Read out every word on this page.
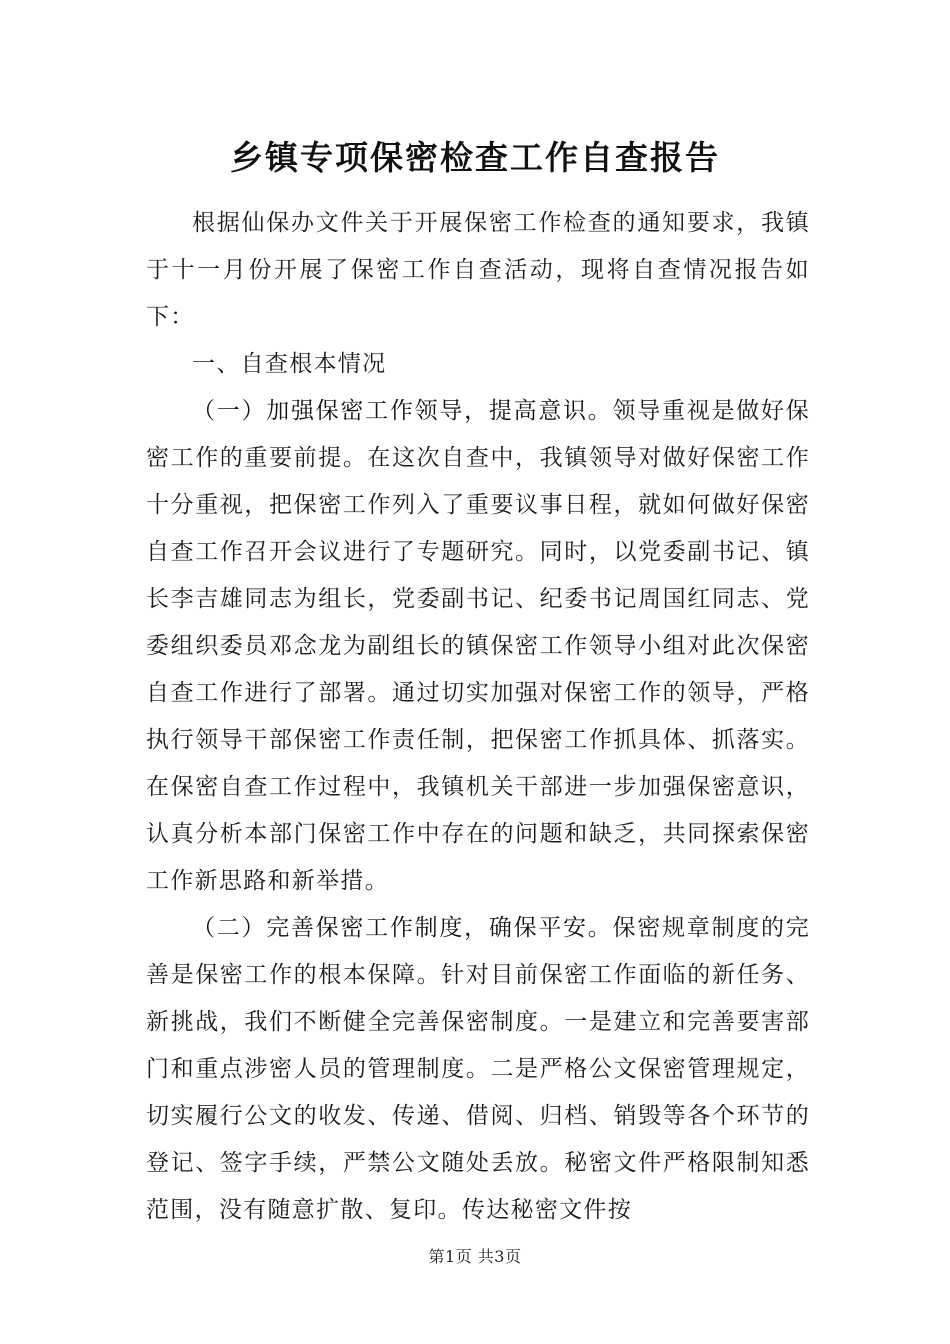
乡镇专项保密检查工作自查报告

根据仙保办文件关于开展保密工作检查的通知要求，我镇于十一月份开展了保密工作自查活动，现将自查情况报告如下：

一、自查根本情况

（一）加强保密工作领导，提高意识。领导重视是做好保密工作的重要前提。在这次自查中，我镇领导对做好保密工作十分重视，把保密工作列入了重要议事日程，就如何做好保密自查工作召开会议进行了专题研究。同时，以党委副书记、镇长李吉雄同志为组长，党委副书记、纪委书记周国红同志、党委组织委员邓念龙为副组长的镇保密工作领导小组对此次保密自查工作进行了部署。通过切实加强对保密工作的领导，严格执行领导干部保密工作责任制，把保密工作抓具体、抓落实。在保密自查工作过程中，我镇机关干部进一步加强保密意识，认真分析本部门保密工作中存在的问题和缺乏，共同探索保密工作新思路和新举措。

（二）完善保密工作制度，确保平安。保密规章制度的完善是保密工作的根本保障。针对目前保密工作面临的新任务、新挑战，我们不断健全完善保密制度。一是建立和完善要害部门和重点涉密人员的管理制度。二是严格公文保密管理规定，切实履行公文的收发、传递、借阅、归档、销毁等各个环节的登记、签字手续，严禁公文随处丢放。秘密文件严格限制知悉范围，没有随意扩散、复印。传达秘密文件按

第1页 共3页
